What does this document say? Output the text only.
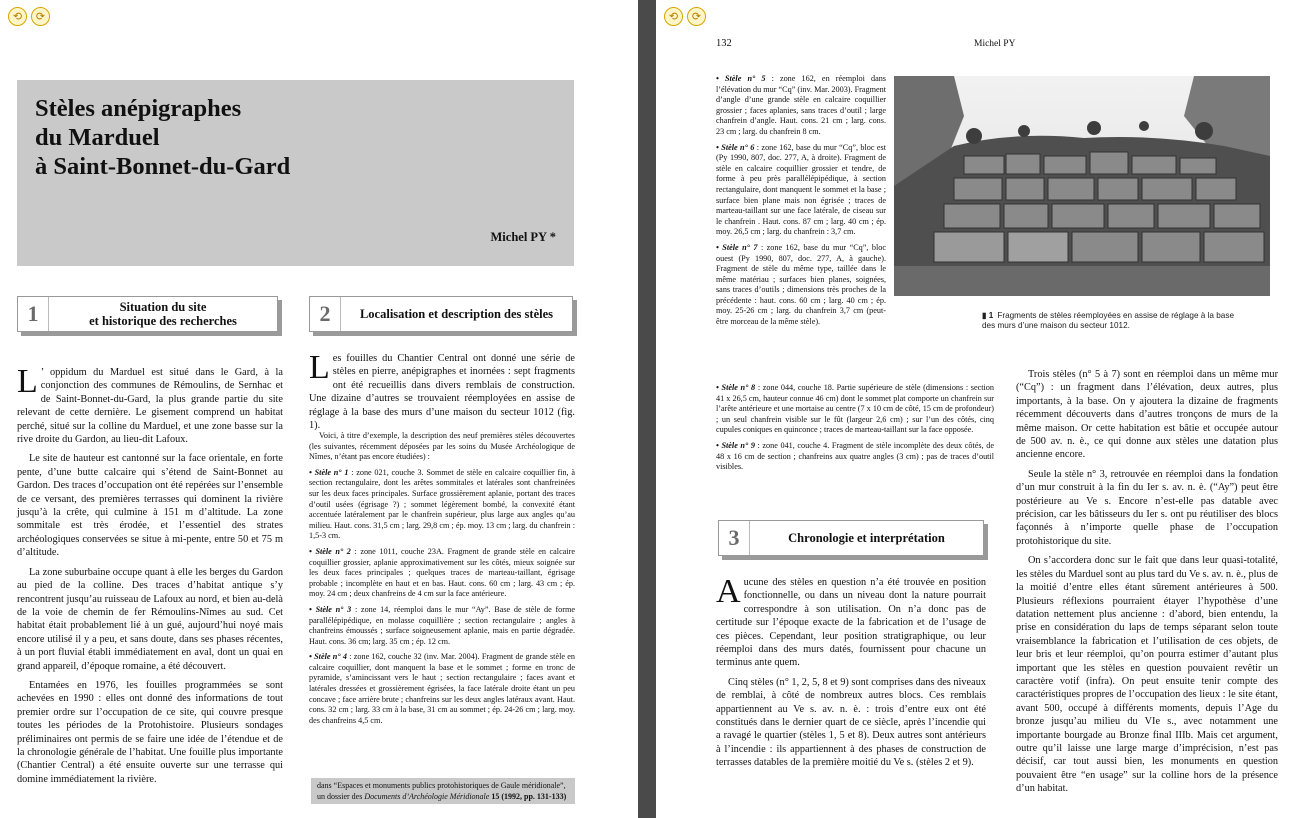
⟲	⟳
Stèles anépigraphes
du Marduel
à Saint-Bonnet-du-Gard
Michel PY *
1	Situation du site
et historique des recherches	2	Localisation et description des stèles

L ’ oppidum du Marduel est situé dans le Gard, à la conjonction des communes de Rémoulins, de Sernhac et de Saint-Bonnet-du-Gard, la plus grande partie du site relevant de cette dernière. Le gisement comprend un habitat perché, situé sur la colline du Marduel, et une zone basse sur la rive droite du Gardon, au lieu-dit Lafoux.

Le site de hauteur est cantonné sur la face orientale, en forte pente, d’une butte calcaire qui s’étend de Saint-Bonnet au Gardon. Des traces d’occupation ont été repérées sur l’ensemble de ce versant, des premières terrasses qui dominent la rivière jusqu’à la crête, qui culmine à 151 m d’altitude. La zone sommitale est très érodée, et l’essentiel des strates archéologiques conservées se situe à mi-pente, entre 50 et 75 m d’altitude.

La zone suburbaine occupe quant à elle les berges du Gardon au pied de la colline. Des traces d’habitat antique s’y rencontrent jusqu’au ruisseau de Lafoux au nord, et bien au-delà de la voie de chemin de fer Rémoulins-Nîmes au sud. Cet habitat était probablement lié à un gué, aujourd’hui noyé mais encore utilisé il y a peu, et sans doute, dans ses phases récentes, à un port fluvial établi immédiatement en aval, dont un quai en grand appareil, d’époque romaine, a été découvert.

Entamées en 1976, les fouilles programmées se sont achevées en 1990 : elles ont donné des informations de tout premier ordre sur l’occupation de ce site, qui couvre presque toutes les périodes de la Protohistoire. Plusieurs sondages préliminaires ont permis de se faire une idée de l’étendue et de la chronologie générale de l’habitat. Une fouille plus importante (Chantier Central) a été ensuite ouverte sur une terrasse qui domine immédiatement la rivière.

Les fouilles du Chantier Central ont donné une série de stèles en pierre, anépigraphes et inornées : sept fragments ont été recueillis dans divers remblais de construction. Une dizaine d’autres se trouvaient réemployées en assise de réglage à la base des murs d’une maison du secteur 1012 (fig. 1).

Voici, à titre d’exemple, la description des neuf premières stèles découvertes (les suivantes, récemment déposées par les soins du Musée Archéologique de Nîmes, n’étant pas encore étudiées) :

• Stèle n° 1 : zone 021, couche 3. Sommet de stèle en calcaire coquillier fin, à section rectangulaire, dont les arêtes sommitales et latérales sont chanfreinées sur les deux faces principales. Surface grossièrement aplanie, portant des traces d’outil usées (égrisage ?) ; sommet légèrement bombé, la convexité étant accentuée latéralement par le chanfrein supérieur, plus large aux angles qu’au milieu. Haut. cons. 31,5 cm ; larg. 29,8 cm ; ép. moy. 13 cm ; larg. du chanfrein : 1,5-3 cm.

• Stèle n° 2 : zone 1011, couche 23A. Fragment de grande stèle en calcaire coquillier grossier, aplanie approximativement sur les côtés, mieux soignée sur les deux faces principales ; quelques traces de marteau-taillant, égrisage probable ; incomplète en haut et en bas. Haut. cons. 60 cm ; larg. 43 cm ; ép. moy. 24 cm ; deux chanfreins de 4 cm sur la face antérieure.

• Stèle n° 3 : zone 14, réemploi dans le mur “Ay”. Base de stèle de forme parallélépipédique, en molasse coquillière ; section rectangulaire ; angles à chanfreins émoussés ; surface soigneusement aplanie, mais en partie dégradée. Haut. cons. 36 cm; larg. 35 cm ; ép. 12 cm.

• Stèle n° 4 : zone 162, couche 32 (inv. Mar. 2004). Fragment de grande stèle en calcaire coquillier, dont manquent la base et le sommet ; forme en tronc de pyramide, s’amincissant vers le haut ; section rectangulaire ; faces avant et latérales dressées et grossièrement égrisées, la face latérale droite étant un peu concave ; face arrière brute ; chanfreins sur les deux angles latéraux avant. Haut. cons. 32 cm ; larg. 33 cm à la base, 31 cm au sommet ; ép. 24-26 cm ; larg. moy. des chanfreins 4,5 cm.

dans “Espaces et monuments publics protohistoriques de Gaule méridionale”,
un dossier des Documents d’Archéologie Méridionale 15 (1992, pp. 131-133)
⟲	⟳
132	Michel PY

• Stèle n° 5 : zone 162, en réemploi dans l’élévation du mur “Cq” (inv. Mar. 2003). Fragment d’angle d’une grande stèle en calcaire coquillier grossier ; faces aplanies, sans traces d’outil ; large chanfrein d’angle. Haut. cons. 21 cm ; larg. cons. 23 cm ; larg. du chanfrein 8 cm.

• Stèle n° 6 : zone 162, base du mur “Cq”, bloc est (Py 1990, 807, doc. 277, A, à droite). Fragment de stèle en calcaire coquillier grossier et tendre, de forme à peu près parallélépipédique, à section rectangulaire, dont manquent le sommet et la base ; surface bien plane mais non égrisée ; traces de marteau-taillant sur une face latérale, de ciseau sur le chanfrein . Haut. cons. 87 cm ; larg. 40 cm ; ép. moy. 26,5 cm ; larg. du chanfrein : 3,7 cm.

• Stèle n° 7 : zone 162, base du mur “Cq”, bloc ouest (Py 1990, 807, doc. 277, A, à gauche). Fragment de stèle du même type, taillée dans le même matériau ; surfaces bien planes, soignées, sans traces d’outils ; dimensions très proches de la précédente : haut. cons. 60 cm ; larg. 40 cm ; ép. moy. 25-26 cm ; larg. du chanfrein 3,7 cm (peut-être morceau de la même stèle).

▮ 1 Fragments de stèles réemployées en assise de réglage à la base des murs d’une maison du secteur 1012.

• Stèle n° 8 : zone 044, couche 18. Partie supérieure de stèle (dimensions : section 41 x 26,5 cm, hauteur connue 46 cm) dont le sommet plat comporte un chanfrein sur l’arête antérieure et une mortaise au centre (7 x 10 cm de côté, 15 cm de profondeur) ; un seul chanfrein visible sur le fût (largeur 2,6 cm) ; sur l’un des côtés, cinq cupules coniques en quinconce ; traces de marteau-taillant sur la face opposée.

• Stèle n° 9 : zone 041, couche 4. Fragment de stèle incomplète des deux côtés, de 48 x 16 cm de section ; chanfreins aux quatre angles (3 cm) ; pas de traces d’outil visibles.

3	Chronologie et interprétation

Aucune des stèles en question n’a été trouvée en position fonctionnelle, ou dans un niveau dont la nature pourrait correspondre à son utilisation. On n’a donc pas de certitude sur l’époque exacte de la fabrication et de l’usage de ces pièces. Cependant, leur position stratigraphique, ou leur réemploi dans des murs datés, fournissent pour chacune un terminus ante quem.

Cinq stèles (n° 1, 2, 5, 8 et 9) sont comprises dans des niveaux de remblai, à côté de nombreux autres blocs. Ces remblais appartiennent au Ve s. av. n. è. : trois d’entre eux ont été constitués dans le dernier quart de ce siècle, après l’incendie qui a ravagé le quartier (stèles 1, 5 et 8). Deux autres sont antérieurs à l’incendie : ils appartiennent à des phases de construction de terrasses datables de la première moitié du Ve s. (stèles 2 et 9).

Trois stèles (n° 5 à 7) sont en réemploi dans un même mur (“Cq”) : un fragment dans l’élévation, deux autres, plus importants, à la base. On y ajoutera la dizaine de fragments récemment découverts dans d’autres tronçons de murs de la même maison. Or cette habitation est bâtie et occupée autour de 500 av. n. è., ce qui donne aux stèles une datation plus ancienne encore.

Seule la stèle n° 3, retrouvée en réemploi dans la fondation d’un mur construit à la fin du Ier s. av. n. è. (“Ay”) peut être postérieure au Ve s. Encore n’est-elle pas datable avec précision, car les bâtisseurs du Ier s. ont pu réutiliser des blocs façonnés à n’importe quelle phase de l’occupation protohistorique du site.

On s’accordera donc sur le fait que dans leur quasi-totalité, les stèles du Marduel sont au plus tard du Ve s. av. n. è., plus de la moitié d’entre elles étant sûrement antérieures à 500. Plusieurs réflexions pourraient étayer l’hypothèse d’une datation nettement plus ancienne : d’abord, bien entendu, la prise en considération du laps de temps séparant selon toute vraisemblance la fabrication et l’utilisation de ces objets, de leur bris et leur réemploi, qu’on pourra estimer d’autant plus important que les stèles en question pouvaient revêtir un caractère votif (infra). On peut ensuite tenir compte des caractéristiques propres de l’occupation des lieux : le site étant, avant 500, occupé à différents moments, depuis l’Age du bronze jusqu’au milieu du VIe s., avec notamment une importante bourgade au Bronze final IIIb. Mais cet argument, outre qu’il laisse une large marge d’imprécision, n’est pas décisif, car tout aussi bien, les monuments en question pouvaient être “en usage” sur la colline hors de la présence d’un habitat.
